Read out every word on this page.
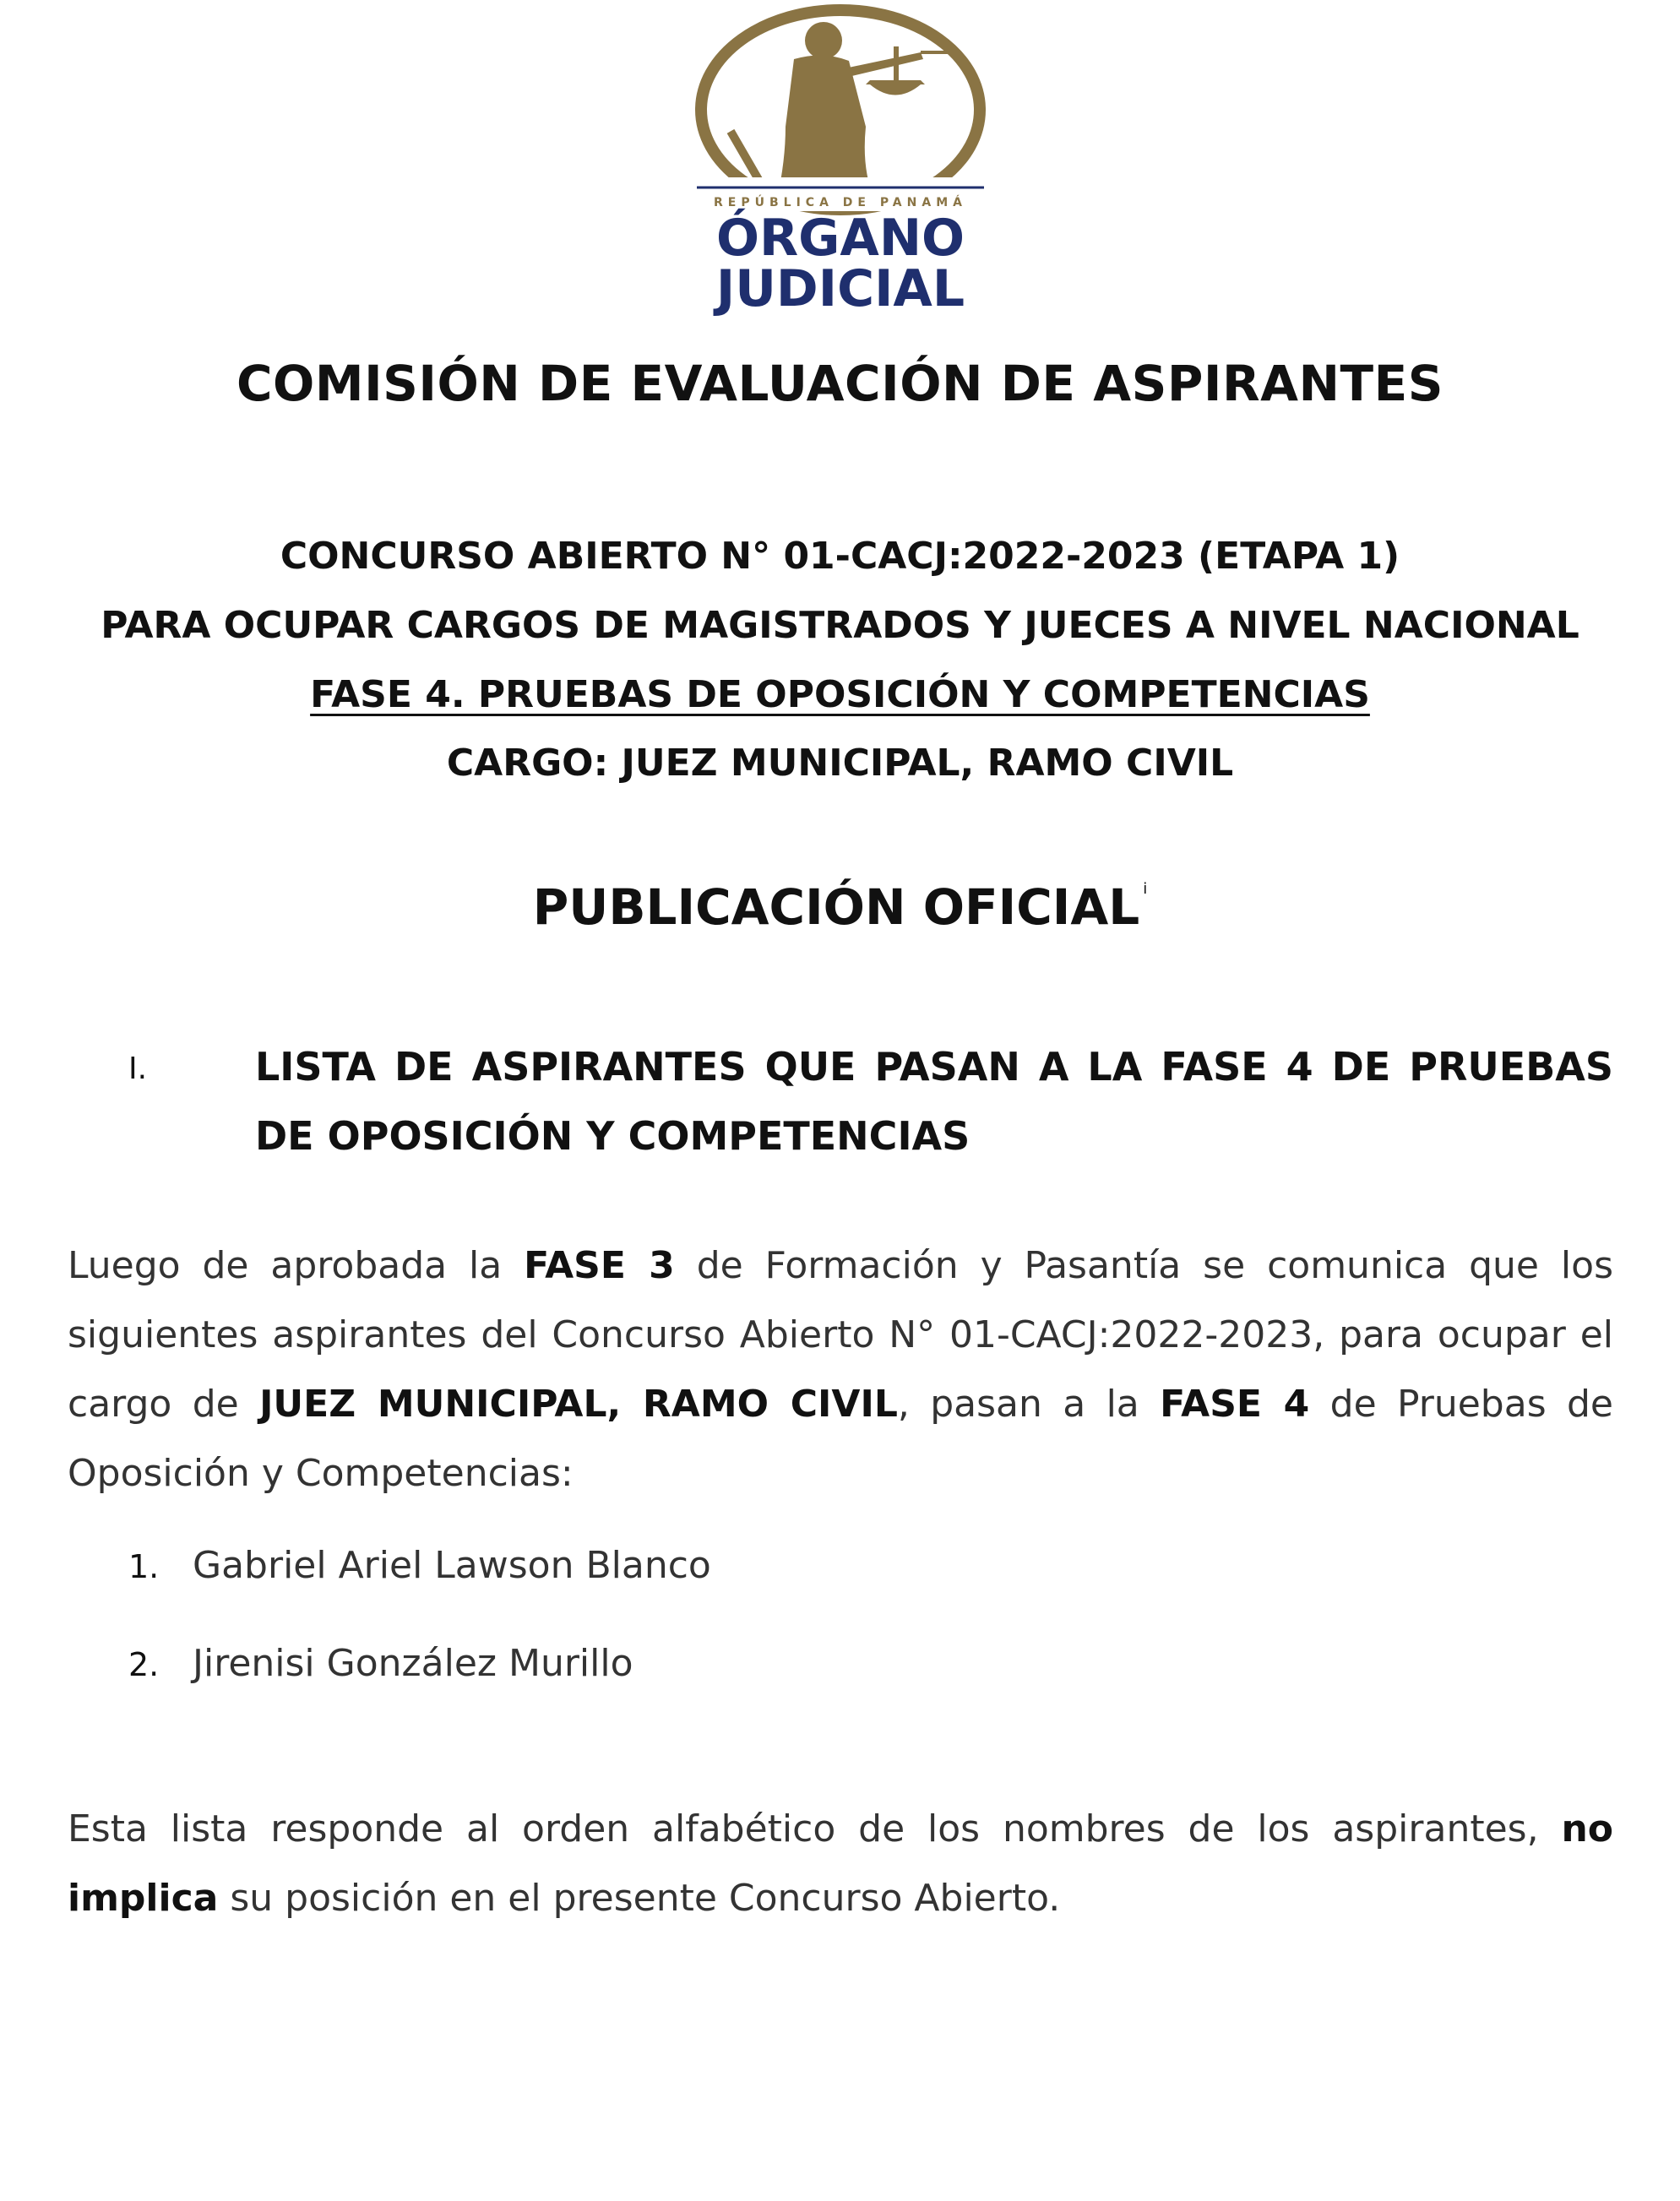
REPÚBLICA DE PANAMÁ
ÓRGANO
JUDICIAL
COMISIÓN DE EVALUACIÓN DE ASPIRANTES
CONCURSO ABIERTO N° 01-CACJ:2022-2023 (ETAPA 1)
PARA OCUPAR CARGOS DE MAGISTRADOS Y JUECES A NIVEL NACIONAL
FASE 4. PRUEBAS DE OPOSICIÓN Y COMPETENCIAS
CARGO: JUEZ MUNICIPAL, RAMO CIVIL
PUBLICACIÓN OFICIAL $^i$
I.	LISTA DE ASPIRANTES QUE PASAN A LA FASE 4 DE PRUEBAS DE OPOSICIÓN Y COMPETENCIAS
Luego de aprobada la FASE 3 de Formación y Pasantía se comunica que los siguientes aspirantes del Concurso Abierto N° 01-CACJ:2022-2023, para ocupar el cargo de JUEZ MUNICIPAL, RAMO CIVIL, pasan a la FASE 4 de Pruebas de Oposición y Competencias:
1. Gabriel Ariel Lawson Blanco
2. Jirenisi González Murillo
Esta lista responde al orden alfabético de los nombres de los aspirantes, no implica su posición en el presente Concurso Abierto.
